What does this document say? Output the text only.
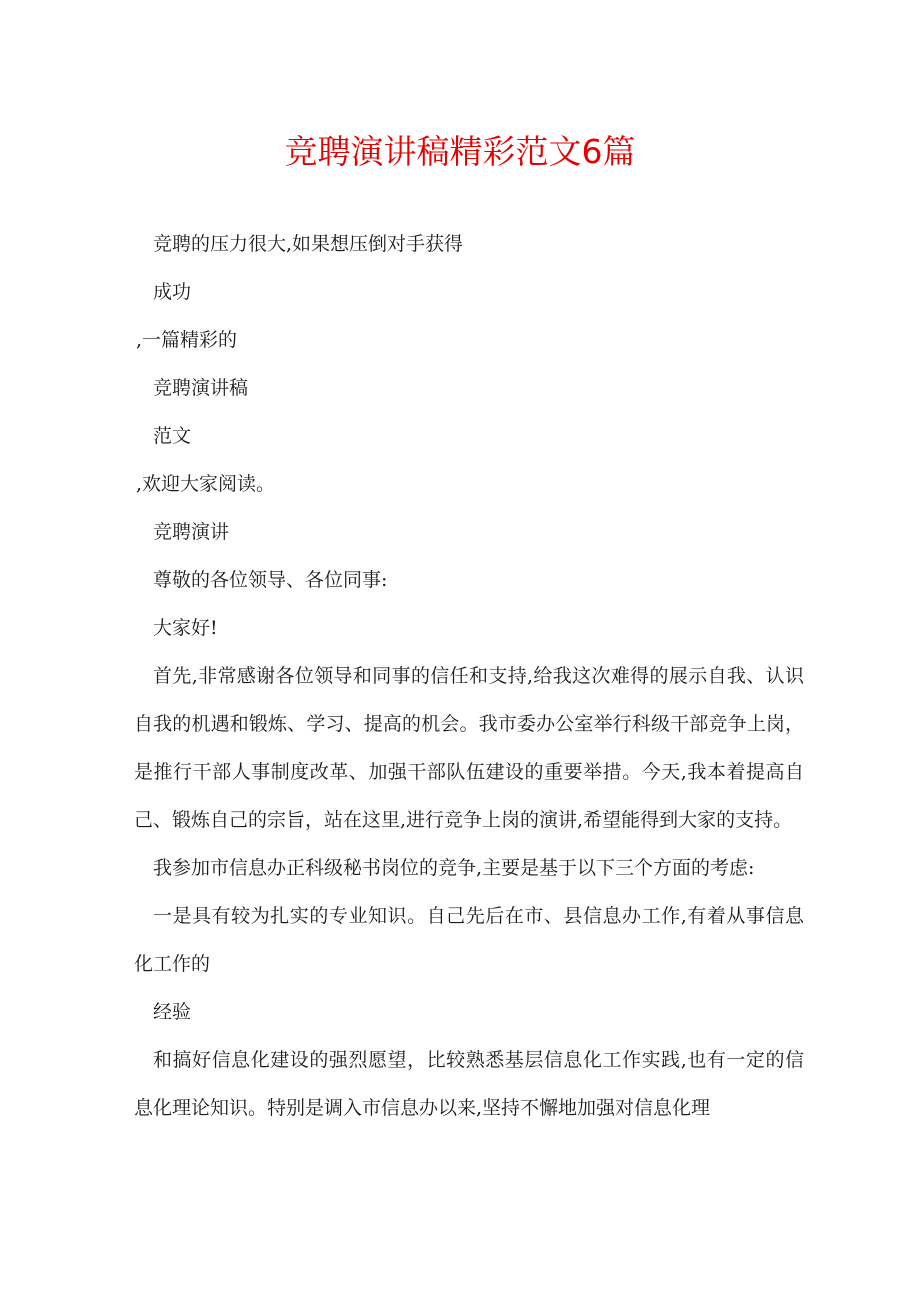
竞聘演讲稿精彩范文6篇

竞聘的压力很大,如果想压倒对手获得

成功

,一篇精彩的

竞聘演讲稿

范文

,欢迎大家阅读。

竞聘演讲

尊敬的各位领导、各位同事:

大家好!

首先,非常感谢各位领导和同事的信任和支持,给我这次难得的展示自我、认识自我的机遇和锻炼、学习、提高的机会。我市委办公室举行科级干部竞争上岗，是推行干部人事制度改革、加强干部队伍建设的重要举措。今天,我本着提高自己、锻炼自己的宗旨，站在这里,进行竞争上岗的演讲,希望能得到大家的支持。

我参加市信息办正科级秘书岗位的竞争,主要是基于以下三个方面的考虑:

一是具有较为扎实的专业知识。自己先后在市、县信息办工作,有着从事信息化工作的

经验

和搞好信息化建设的强烈愿望，比较熟悉基层信息化工作实践,也有一定的信息化理论知识。特别是调入市信息办以来,坚持不懈地加强对信息化理
